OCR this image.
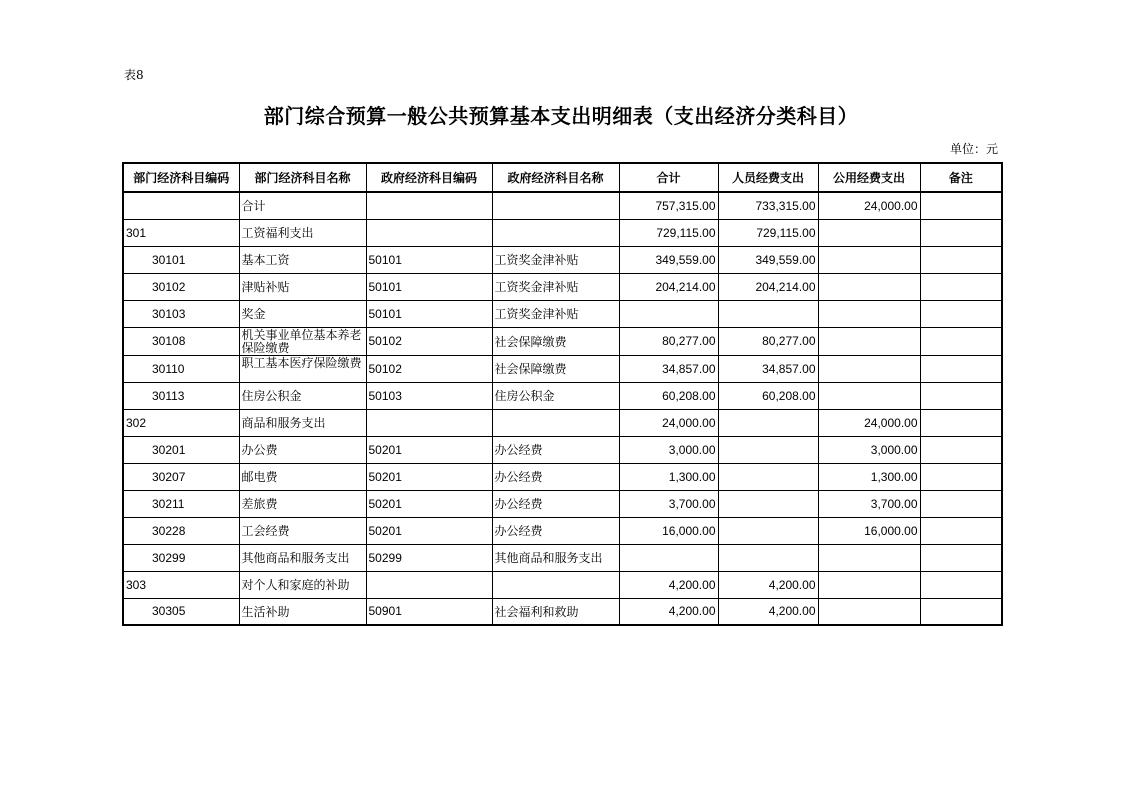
表8
部门综合预算一般公共预算基本支出明细表（支出经济分类科目）
单位：元
部门经济科目编码	部门经济科目名称	政府经济科目编码	政府经济科目名称	合计	人员经费支出	公用经费支出	备注
	合计			757,315.00	733,315.00	24,000.00	
301	工资福利支出			729,115.00	729,115.00		
30101	基本工资	50101	工资奖金津补贴	349,559.00	349,559.00		
30102	津贴补贴	50101	工资奖金津补贴	204,214.00	204,214.00		
30103	奖金	50101	工资奖金津补贴				
30108	机关事业单位基本养老保险缴费	50102	社会保障缴费	80,277.00	80,277.00		
30110	职工基本医疗保险缴费	50102	社会保障缴费	34,857.00	34,857.00		
30113	住房公积金	50103	住房公积金	60,208.00	60,208.00		
302	商品和服务支出			24,000.00		24,000.00	
30201	办公费	50201	办公经费	3,000.00		3,000.00	
30207	邮电费	50201	办公经费	1,300.00		1,300.00	
30211	差旅费	50201	办公经费	3,700.00		3,700.00	
30228	工会经费	50201	办公经费	16,000.00		16,000.00	
30299	其他商品和服务支出	50299	其他商品和服务支出				
303	对个人和家庭的补助			4,200.00	4,200.00		
30305	生活补助	50901	社会福利和救助	4,200.00	4,200.00		
